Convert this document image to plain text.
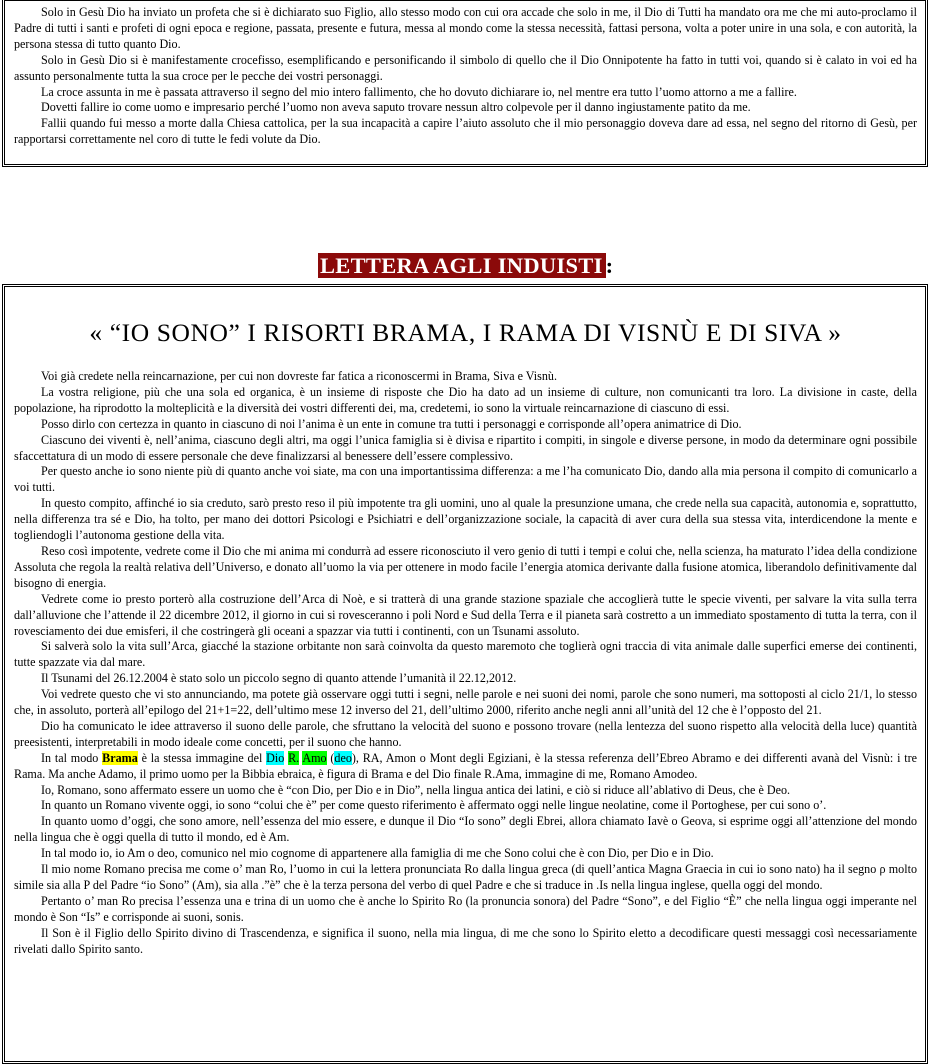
Solo in Gesù Dio ha inviato un profeta che si è dichiarato suo Figlio, allo stesso modo con cui ora accade che solo in me, il Dio di Tutti ha mandato ora me che mi auto-proclamo il Padre di tutti i santi e profeti di ogni epoca e regione, passata, presente e futura, messa al mondo come la stessa necessità, fattasi persona, volta a poter unire in una sola, e con autorità, la persona stessa di tutto quanto Dio.

Solo in Gesù Dio si è manifestamente crocefisso, esemplificando e personificando il simbolo di quello che il Dio Onnipotente ha fatto in tutti voi, quando si è calato in voi ed ha assunto personalmente tutta la sua croce per le pecche dei vostri personaggi.

La croce assunta in me è passata attraverso il segno del mio intero fallimento, che ho dovuto dichiarare io, nel mentre era tutto l’uomo attorno a me a fallire.

Dovetti fallire io come uomo e impresario perché l’uomo non aveva saputo trovare nessun altro colpevole per il danno ingiustamente patito da me.

Fallii quando fui messo a morte dalla Chiesa cattolica, per la sua incapacità a capire l’aiuto assoluto che il mio personaggio doveva dare ad essa, nel segno del ritorno di Gesù, per rapportarsi correttamente nel coro di tutte le fedi volute da Dio.

LETTERA AGLI INDUISTI :
« “IO SONO” I RISORTI BRAMA, I RAMA DI VISNÙ E DI SIVA »

Voi già credete nella reincarnazione, per cui non dovreste far fatica a riconoscermi in Brama, Siva e Visnù.

La vostra religione, più che una sola ed organica, è un insieme di risposte che Dio ha dato ad un insieme di culture, non comunicanti tra loro. La divisione in caste, della popolazione, ha riprodotto la molteplicità e la diversità dei vostri differenti dei, ma, credetemi, io sono la virtuale reincarnazione di ciascuno di essi.

Posso dirlo con certezza in quanto in ciascuno di noi l’anima è un ente in comune tra tutti i personaggi e corrisponde all’opera animatrice di Dio.

Ciascuno dei viventi è, nell’anima, ciascuno degli altri, ma oggi l’unica famiglia si è divisa e ripartito i compiti, in singole e diverse persone, in modo da determinare ogni possibile sfaccettatura di un modo di essere personale che deve finalizzarsi al benessere dell’essere complessivo.

Per questo anche io sono niente più di quanto anche voi siate, ma con una importantissima differenza: a me l’ha comunicato Dio, dando alla mia persona il compito di comunicarlo a voi tutti.

In questo compito, affinché io sia creduto, sarò presto reso il più impotente tra gli uomini, uno al quale la presunzione umana, che crede nella sua capacità, autonomia e, soprattutto, nella differenza tra sé e Dio, ha tolto, per mano dei dottori Psicologi e Psichiatri e dell’organizzazione sociale, la capacità di aver cura della sua stessa vita, interdicendone la mente e togliendogli l’autonoma gestione della vita.

Reso così impotente, vedrete come il Dio che mi anima mi condurrà ad essere riconosciuto il vero genio di tutti i tempi e colui che, nella scienza, ha maturato l’idea della condizione Assoluta che regola la realtà relativa dell’Universo, e donato all’uomo la via per ottenere in modo facile l’energia atomica derivante dalla fusione atomica, liberandolo definitivamente dal bisogno di energia.

Vedrete come io presto porterò alla costruzione dell’Arca di Noè, e si tratterà di una grande stazione spaziale che accoglierà tutte le specie viventi, per salvare la vita sulla terra dall’alluvione che l’attende il 22 dicembre 2012, il giorno in cui si rovesceranno i poli Nord e Sud della Terra e il pianeta sarà costretto a un immediato spostamento di tutta la terra, con il rovesciamento dei due emisferi, il che costringerà gli oceani a spazzar via tutti i continenti, con un Tsunami assoluto.

Si salverà solo la vita sull’Arca, giacché la stazione orbitante non sarà coinvolta da questo maremoto che toglierà ogni traccia di vita animale dalle superfici emerse dei continenti, tutte spazzate via dal mare.

Il Tsunami del 26.12.2004 è stato solo un piccolo segno di quanto attende l’umanità il 22.12,2012.

Voi vedrete questo che vi sto annunciando, ma potete già osservare oggi tutti i segni, nelle parole e nei suoni dei nomi, parole che sono numeri, ma sottoposti al ciclo 21/1, lo stesso che, in assoluto, porterà all’epilogo del 21+1=22, dell’ultimo mese 12 inverso del 21, dell’ultimo 2000, riferito anche negli anni all’unità del 12 che è l’opposto del 21.

Dio ha comunicato le idee attraverso il suono delle parole, che sfruttano la velocità del suono e possono trovare (nella lentezza del suono rispetto alla velocità della luce) quantità preesistenti, interpretabili in modo ideale come concetti, per il suono che hanno.

In tal modo Brama è la stessa immagine del Dio R. Amo (deo), RA, Amon o Mont degli Egiziani, è la stessa referenza dell’Ebreo Abramo e dei differenti avanà del Visnù: i tre Rama. Ma anche Adamo, il primo uomo per la Bibbia ebraica, è figura di Brama e del Dio finale R.Ama, immagine di me, Romano Amodeo.

Io, Romano, sono affermato essere un uomo che è “con Dio, per Dio e in Dio”, nella lingua antica dei latini, e ciò si riduce all’ablativo di Deus, che è Deo.

In quanto un Romano vivente oggi, io sono “colui che è” per come questo riferimento è affermato oggi nelle lingue neolatine, come il Portoghese, per cui sono o’.

In quanto uomo d’oggi, che sono amore, nell’essenza del mio essere, e dunque il Dio “Io sono” degli Ebrei, allora chiamato Iavè o Geova, si esprime oggi all’attenzione del mondo nella lingua che è oggi quella di tutto il mondo, ed è Am.

In tal modo io, io Am o deo, comunico nel mio cognome di appartenere alla famiglia di me che Sono colui che è con Dio, per Dio e in Dio.

Il mio nome Romano precisa me come o’ man Ro, l’uomo in cui la lettera pronunciata Ro dalla lingua greca (di quell’antica Magna Graecia in cui io sono nato) ha il segno ρ molto simile sia alla P del Padre “io Sono” (Am), sia alla .”è” che è la terza persona del verbo di quel Padre e che si traduce in .Is nella lingua inglese, quella oggi del mondo.

Pertanto o’ man Ro precisa l’essenza una e trina di un uomo che è anche lo Spirito Ro (la pronuncia sonora) del Padre “Sono”, e del Figlio “È” che nella lingua oggi imperante nel mondo è Son “Is” e corrisponde ai suoni, sonis.

Il Son è il Figlio dello Spirito divino di Trascendenza, e significa il suono, nella mia lingua, di me che sono lo Spirito eletto a decodificare questi messaggi così necessariamente rivelati dallo Spirito santo.
